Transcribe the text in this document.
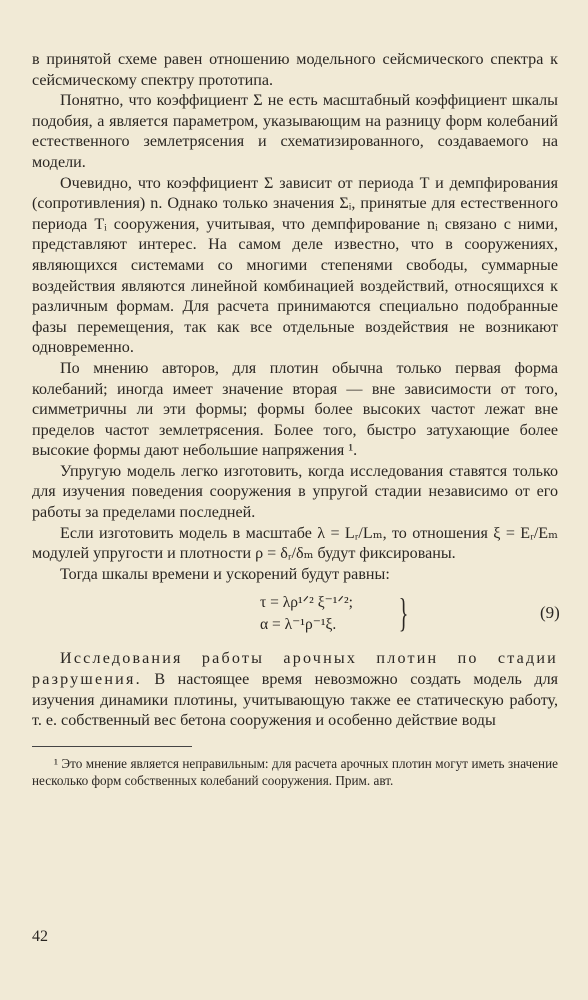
в принятой схеме равен отношению модельного сейсмического спектра к сейсмическому спектру прототипа.

Понятно, что коэффициент Σ не есть масштабный коэффициент шкалы подобия, а является параметром, указывающим на разницу форм колебаний естественного землетрясения и схематизированного, создаваемого на модели.

Очевидно, что коэффициент Σ зависит от периода T и демпфирования (сопротивления) n. Однако только значения Σᵢ, принятые для естественного периода Tᵢ сооружения, учитывая, что демпфирование nᵢ связано с ними, представляют интерес. На самом деле известно, что в сооружениях, являющихся системами со многими степенями свободы, суммарные воздействия являются линейной комбинацией воздействий, относящихся к различным формам. Для расчета принимаются специально подобранные фазы перемещения, так как все отдельные воздействия не возникают одновременно.

По мнению авторов, для плотин обычна только первая форма колебаний; иногда имеет значение вторая — вне зависимости от того, симметричны ли эти формы; формы более высоких частот лежат вне пределов частот землетрясения. Более того, быстро затухающие более высокие формы дают небольшие напряжения ¹.

Упругую модель легко изготовить, когда исследования ставятся только для изучения поведения сооружения в упругой стадии независимо от его работы за пределами последней.

Если изготовить модель в масштабе λ = Lᵣ/Lₘ, то отношения ξ = Eᵣ/Eₘ модулей упругости и плотности ρ = δᵣ/δₘ будут фиксированы.

Тогда шкалы времени и ускорений будут равны:

τ = λρ¹ᐟ² ξ⁻¹ᐟ²;
α = λ⁻¹ρ⁻¹ξ. }	(9)

Исследования работы арочных плотин по стадии разрушения. В настоящее время невозможно создать модель для изучения динамики плотины, учитывающую также ее статическую работу, т. е. собственный вес бетона сооружения и особенно действие воды

¹ Это мнение является неправильным: для расчета арочных плотин могут иметь значение несколько форм собственных колебаний сооружения. Прим. авт.

42
